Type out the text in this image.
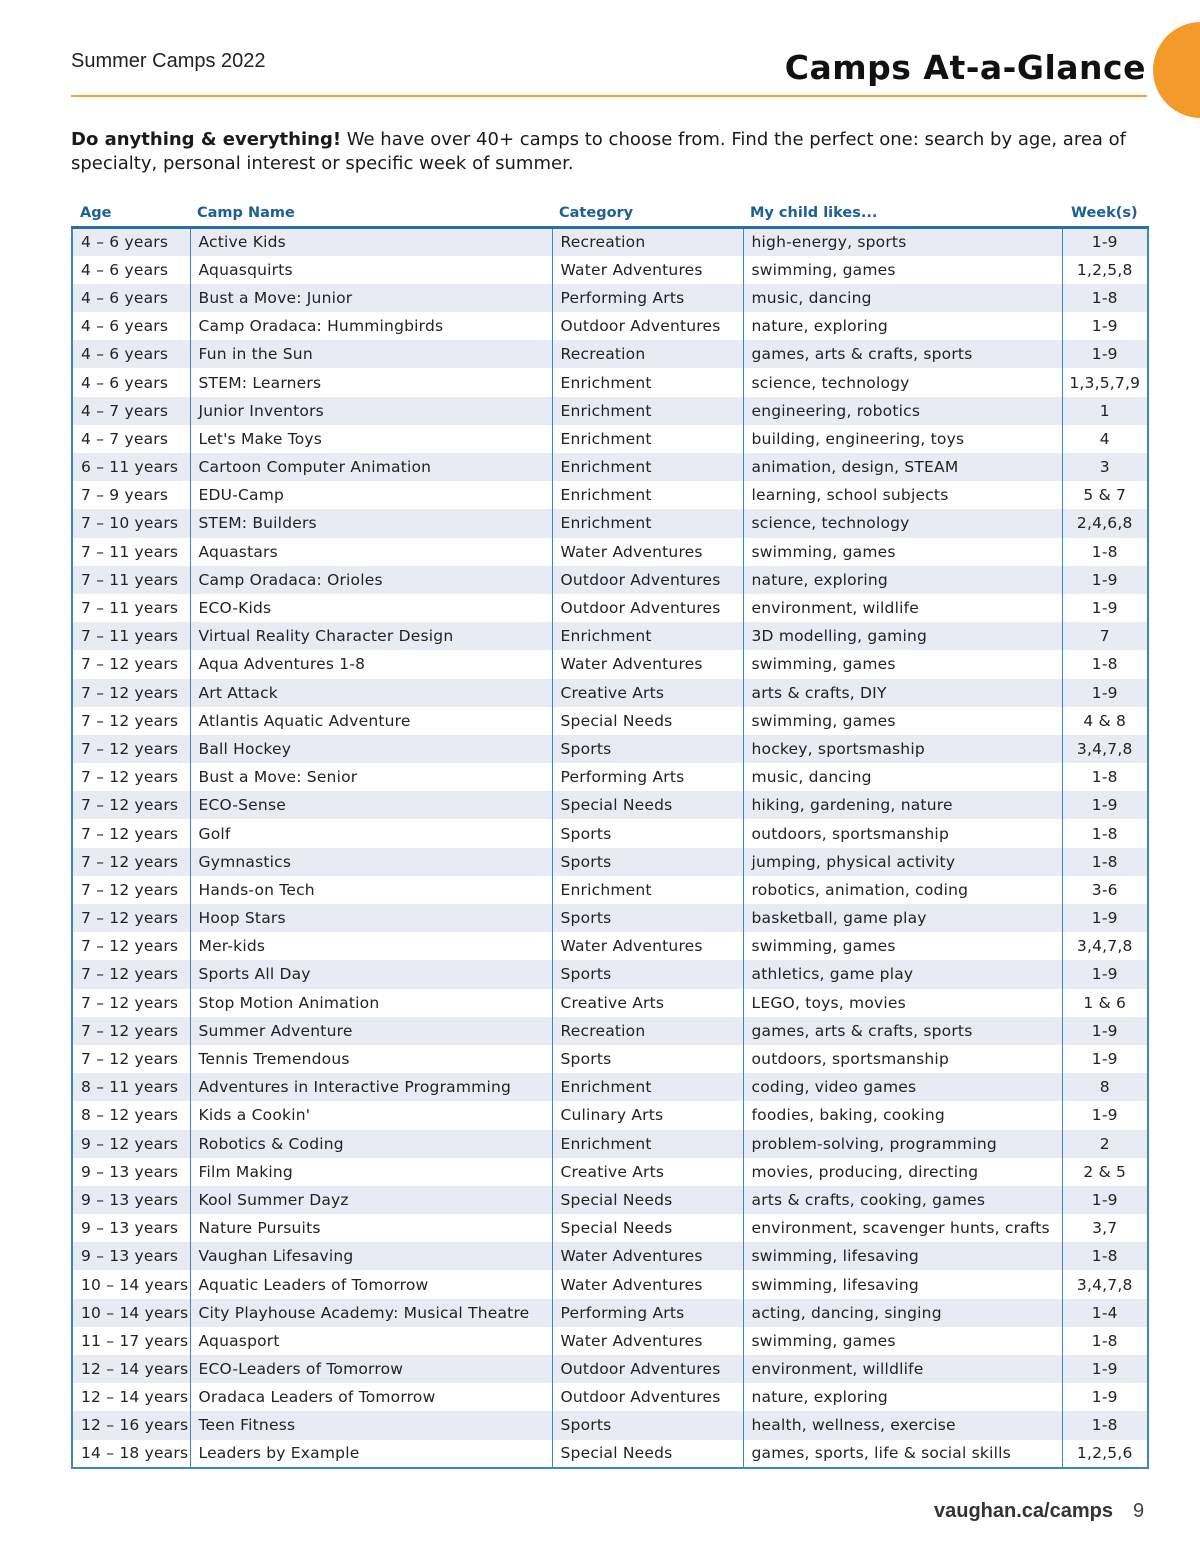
Summer Camps 2022	Camps At-a-Glance
Do anything & everything! We have over 40+ camps to choose from. Find the perfect one: search by age, area of specialty, personal interest or specific week of summer.
Age	Camp Name	Category	My child likes...	Week(s)
4 – 6 years	Active Kids	Recreation	high-energy, sports	1-9
4 – 6 years	Aquasquirts	Water Adventures	swimming, games	1,2,5,8
4 – 6 years	Bust a Move: Junior	Performing Arts	music, dancing	1-8
4 – 6 years	Camp Oradaca: Hummingbirds	Outdoor Adventures	nature, exploring	1-9
4 – 6 years	Fun in the Sun	Recreation	games, arts & crafts, sports	1-9
4 – 6 years	STEM: Learners	Enrichment	science, technology	1,3,5,7,9
4 – 7 years	Junior Inventors	Enrichment	engineering, robotics	1
4 – 7 years	Let's Make Toys	Enrichment	building, engineering, toys	4
6 – 11 years	Cartoon Computer Animation	Enrichment	animation, design, STEAM	3
7 – 9 years	EDU-Camp	Enrichment	learning, school subjects	5 & 7
7 – 10 years	STEM: Builders	Enrichment	science, technology	2,4,6,8
7 – 11 years	Aquastars	Water Adventures	swimming, games	1-8
7 – 11 years	Camp Oradaca: Orioles	Outdoor Adventures	nature, exploring	1-9
7 – 11 years	ECO-Kids	Outdoor Adventures	environment, wildlife	1-9
7 – 11 years	Virtual Reality Character Design	Enrichment	3D modelling, gaming	7
7 – 12 years	Aqua Adventures 1-8	Water Adventures	swimming, games	1-8
7 – 12 years	Art Attack	Creative Arts	arts & crafts, DIY	1-9
7 – 12 years	Atlantis Aquatic Adventure	Special Needs	swimming, games	4 & 8
7 – 12 years	Ball Hockey	Sports	hockey, sportsmaship	3,4,7,8
7 – 12 years	Bust a Move: Senior	Performing Arts	music, dancing	1-8
7 – 12 years	ECO-Sense	Special Needs	hiking, gardening, nature	1-9
7 – 12 years	Golf	Sports	outdoors, sportsmanship	1-8
7 – 12 years	Gymnastics	Sports	jumping, physical activity	1-8
7 – 12 years	Hands-on Tech	Enrichment	robotics, animation, coding	3-6
7 – 12 years	Hoop Stars	Sports	basketball, game play	1-9
7 – 12 years	Mer-kids	Water Adventures	swimming, games	3,4,7,8
7 – 12 years	Sports All Day	Sports	athletics, game play	1-9
7 – 12 years	Stop Motion Animation	Creative Arts	LEGO, toys, movies	1 & 6
7 – 12 years	Summer Adventure	Recreation	games, arts & crafts, sports	1-9
7 – 12 years	Tennis Tremendous	Sports	outdoors, sportsmanship	1-9
8 – 11 years	Adventures in Interactive Programming	Enrichment	coding, video games	8
8 – 12 years	Kids a Cookin'	Culinary Arts	foodies, baking, cooking	1-9
9 – 12 years	Robotics & Coding	Enrichment	problem-solving, programming	2
9 – 13 years	Film Making	Creative Arts	movies, producing, directing	2 & 5
9 – 13 years	Kool Summer Dayz	Special Needs	arts & crafts, cooking, games	1-9
9 – 13 years	Nature Pursuits	Special Needs	environment, scavenger hunts, crafts	3,7
9 – 13 years	Vaughan Lifesaving	Water Adventures	swimming, lifesaving	1-8
10 – 14 years	Aquatic Leaders of Tomorrow	Water Adventures	swimming, lifesaving	3,4,7,8
10 – 14 years	City Playhouse Academy: Musical Theatre	Performing Arts	acting, dancing, singing	1-4
11 – 17 years	Aquasport	Water Adventures	swimming, games	1-8
12 – 14 years	ECO-Leaders of Tomorrow	Outdoor Adventures	environment, willdlife	1-9
12 – 14 years	Oradaca Leaders of Tomorrow	Outdoor Adventures	nature, exploring	1-9
12 – 16 years	Teen Fitness	Sports	health, wellness, exercise	1-8
14 – 18 years	Leaders by Example	Special Needs	games, sports, life & social skills	1,2,5,6
vaughan.ca/camps 9
